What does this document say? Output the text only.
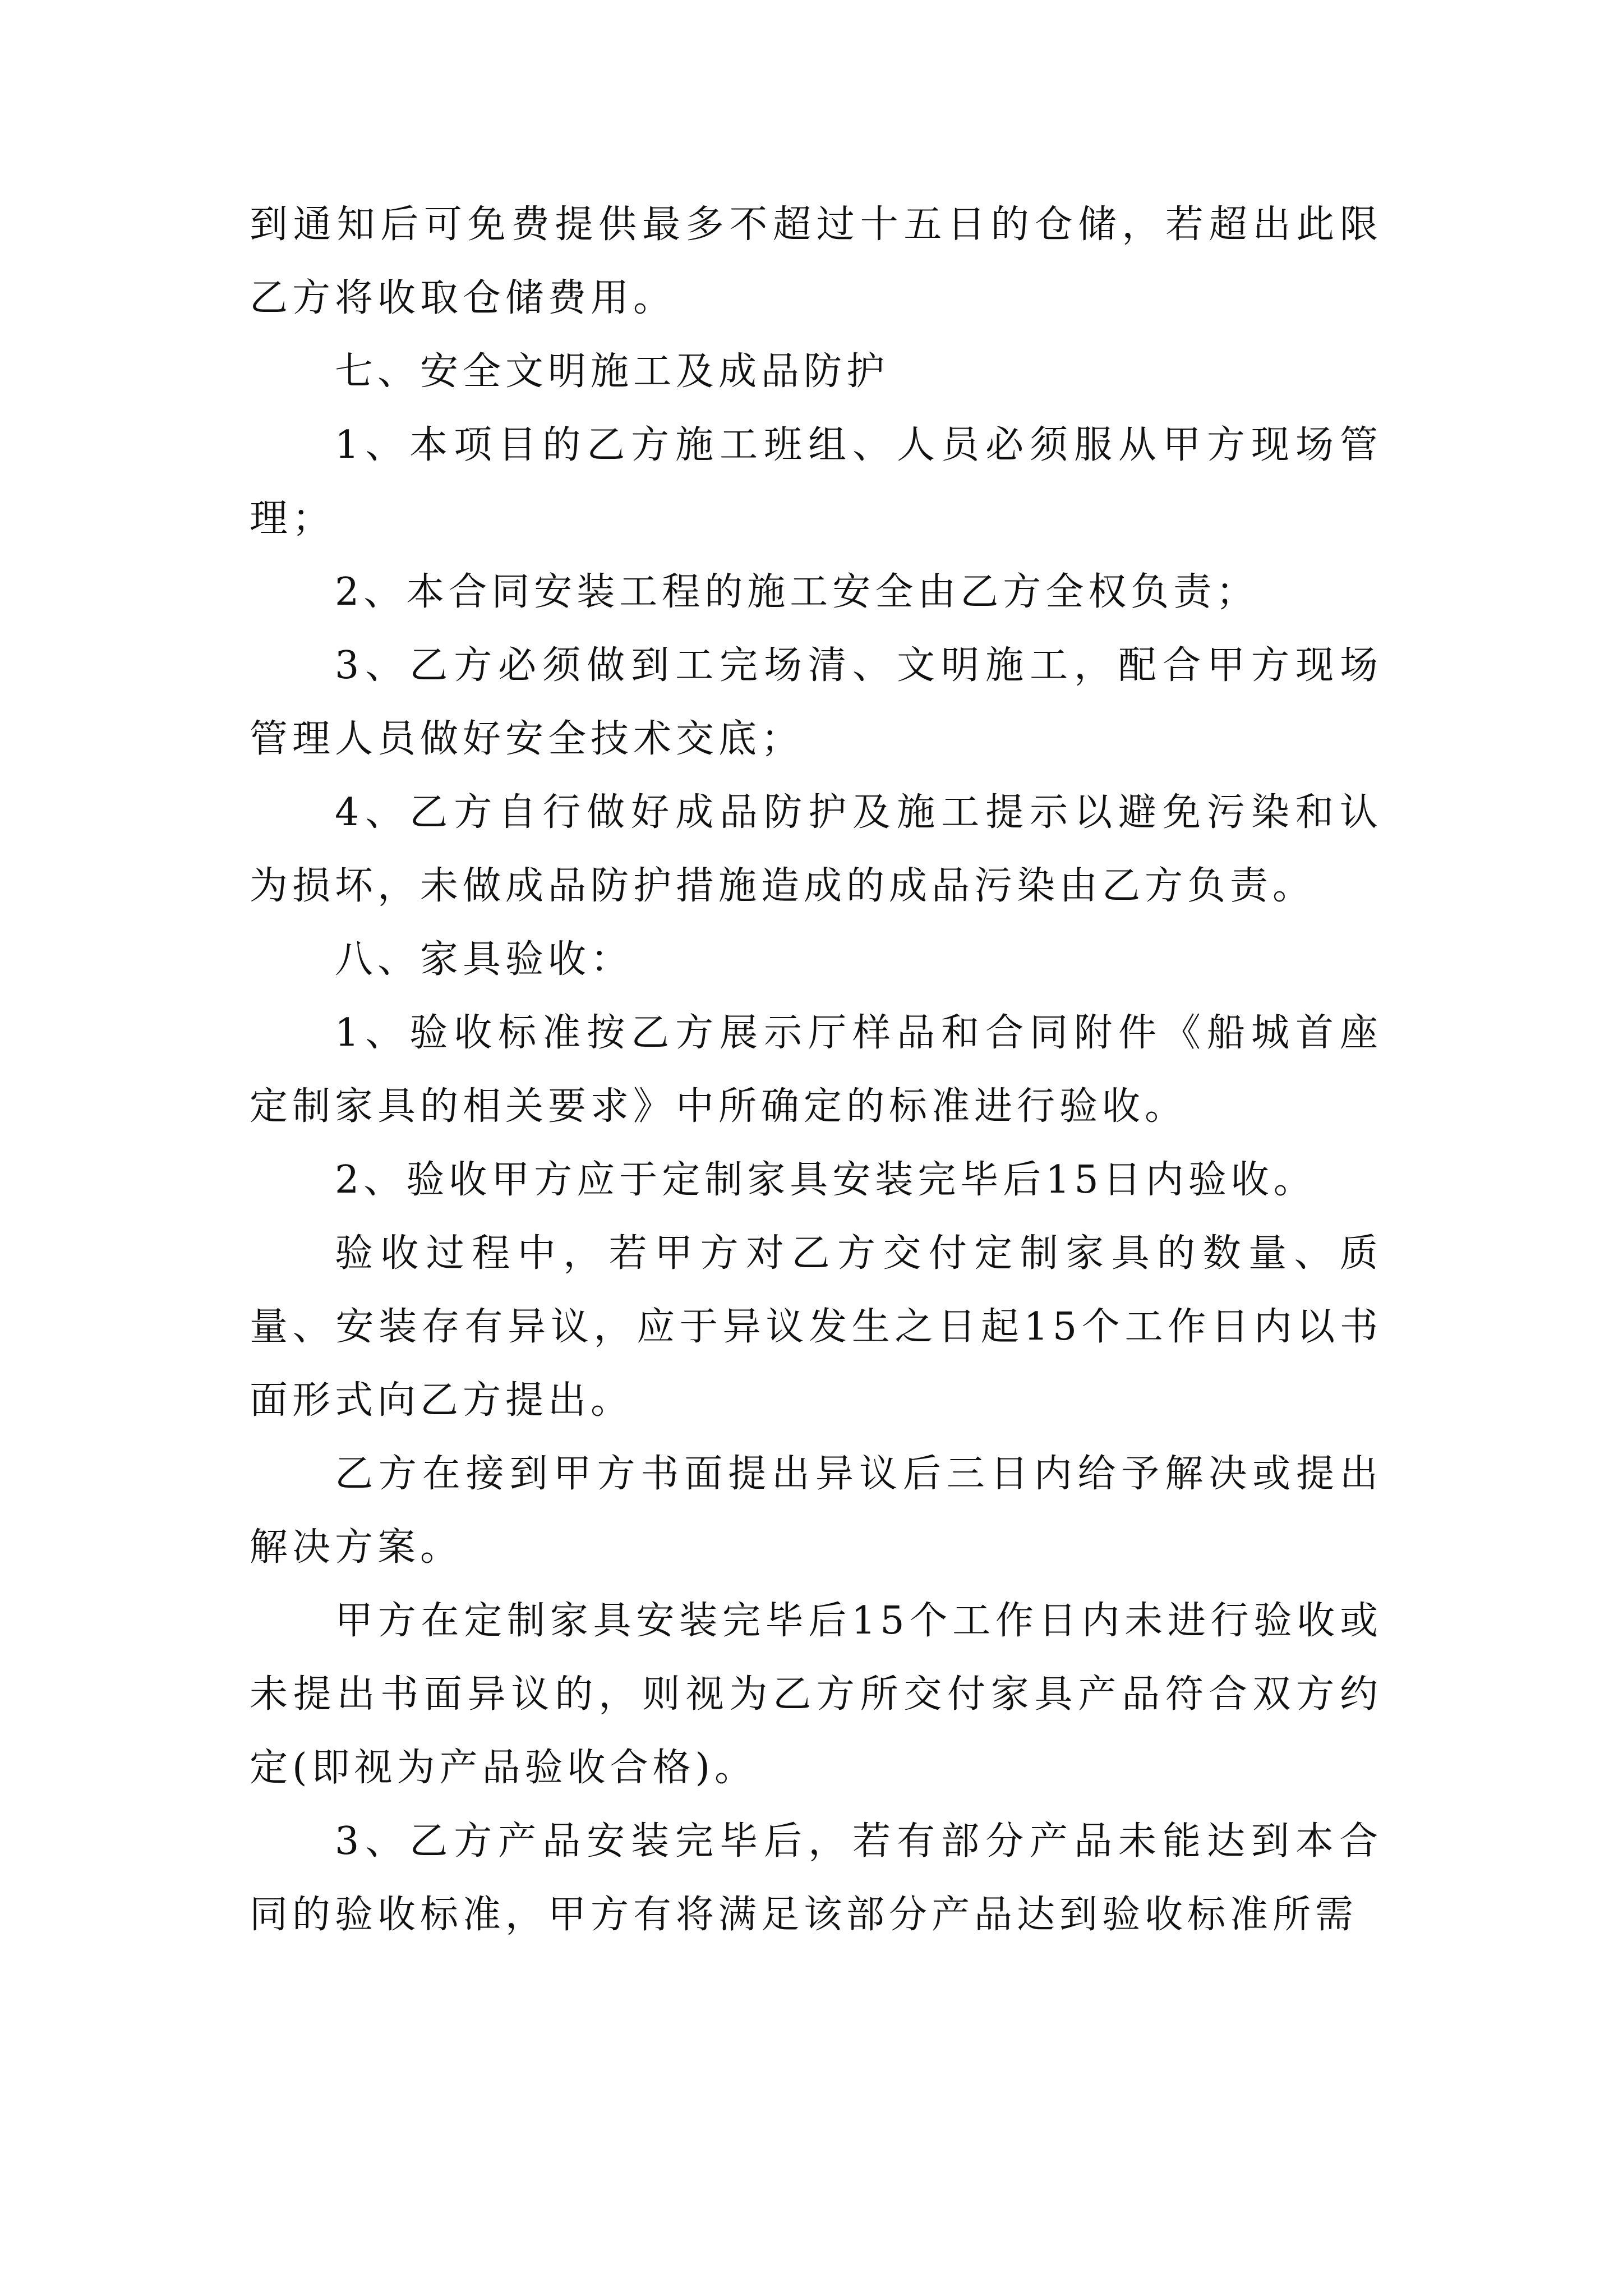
到通知后可免费提供最多不超过十五日的仓储，若超出此限乙方将收取仓储费用。

七、安全文明施工及成品防护

1、本项目的乙方施工班组、人员必须服从甲方现场管理；

2、本合同安装工程的施工安全由乙方全权负责；

3、乙方必须做到工完场清、文明施工，配合甲方现场管理人员做好安全技术交底；

4、乙方自行做好成品防护及施工提示以避免污染和认为损坏，未做成品防护措施造成的成品污染由乙方负责。

八、家具验收：

1、验收标准按乙方展示厅样品和合同附件《船城首座定制家具的相关要求》中所确定的标准进行验收。

2、验收甲方应于定制家具安装完毕后15日内验收。

验收过程中，若甲方对乙方交付定制家具的数量、质量、安装存有异议，应于异议发生之日起15个工作日内以书面形式向乙方提出。

乙方在接到甲方书面提出异议后三日内给予解决或提出解决方案。

甲方在定制家具安装完毕后15个工作日内未进行验收或未提出书面异议的，则视为乙方所交付家具产品符合双方约定(即视为产品验收合格)。

3、乙方产品安装完毕后，若有部分产品未能达到本合同的验收标准，甲方有将满足该部分产品达到验收标准所需
